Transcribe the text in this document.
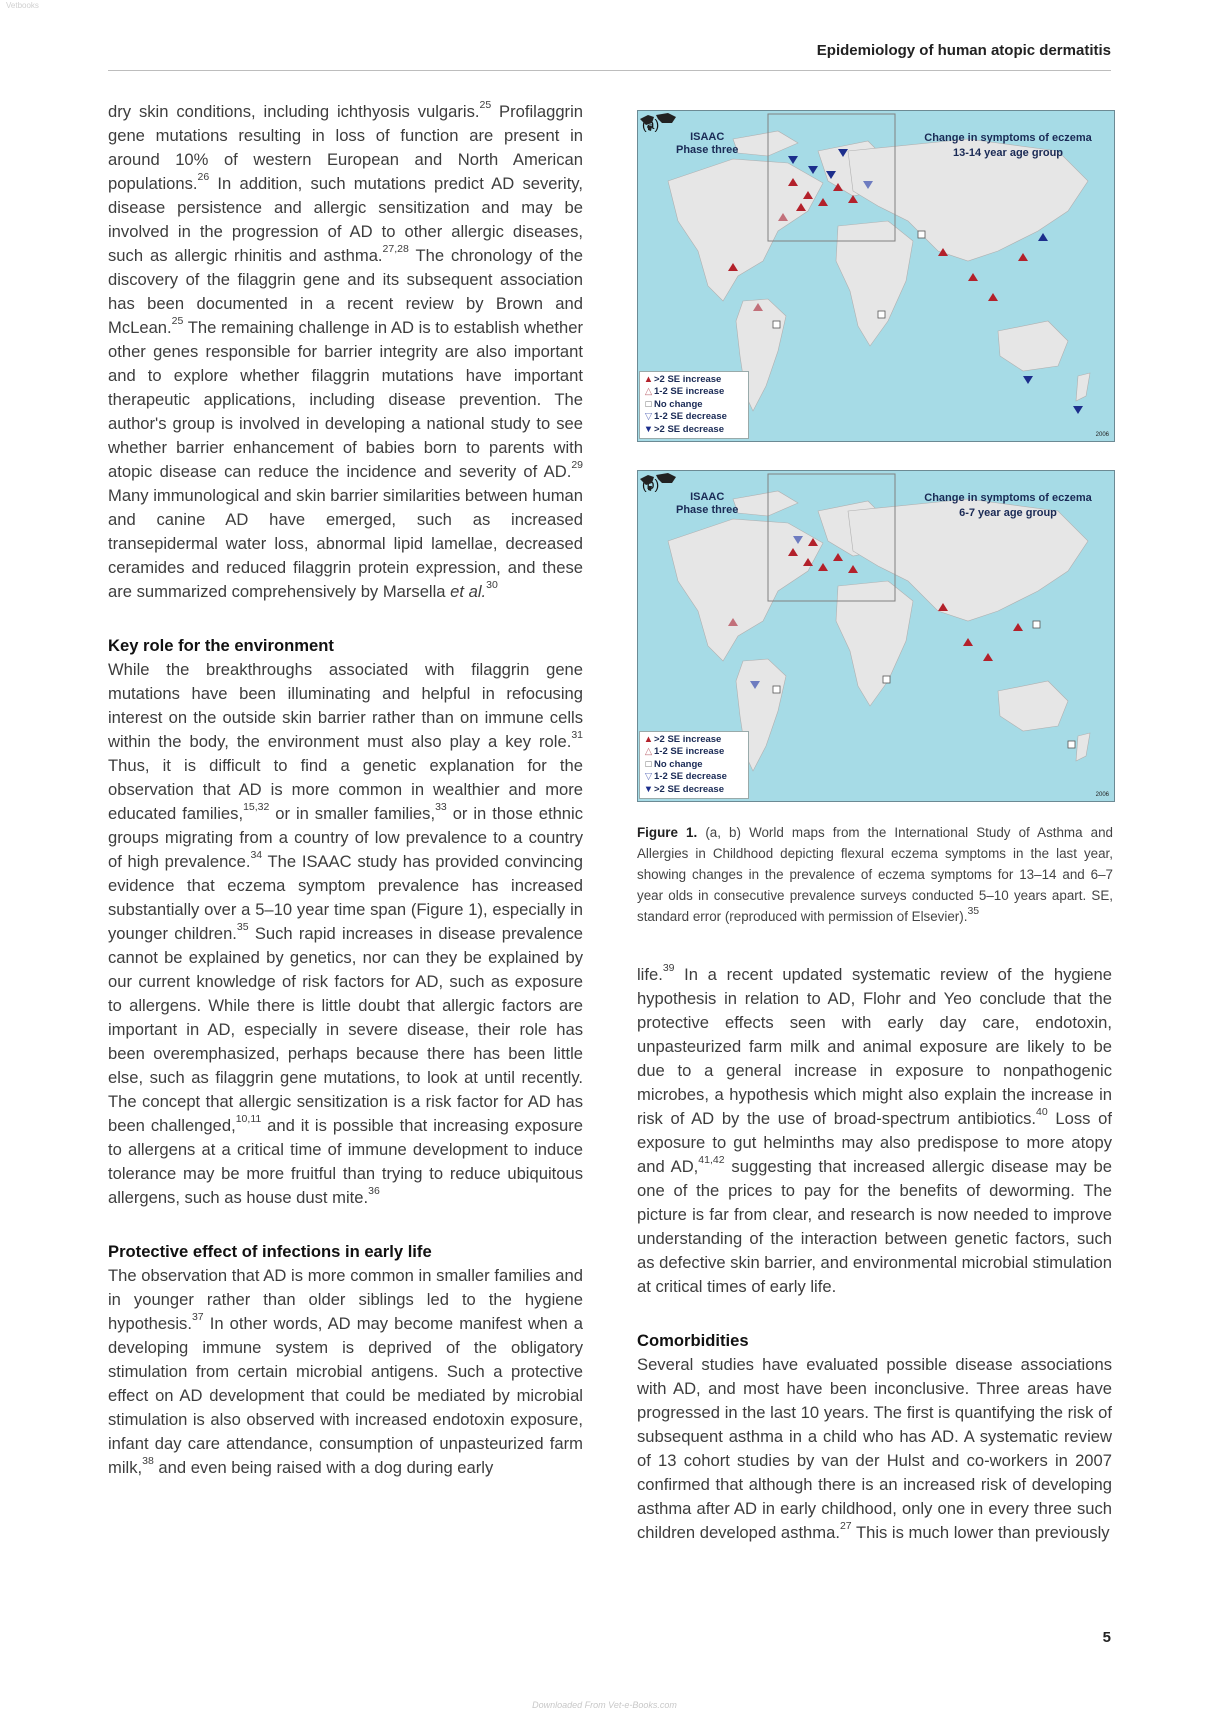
Vetbooks
Epidemiology of human atopic dermatitis

dry skin conditions, including ichthyosis vulgaris.$^{25}$ Profilaggrin gene mutations resulting in loss of function are present in around 10% of western European and North American populations.$^{26}$ In addition, such mutations predict AD severity, disease persistence and allergic sensitization and may be involved in the progression of AD to other allergic diseases, such as allergic rhinitis and asthma.$^{27,28}$ The chronology of the discovery of the filaggrin gene and its subsequent association has been documented in a recent review by Brown and McLean.$^{25}$ The remaining challenge in AD is to establish whether other genes responsible for barrier integrity are also important and to explore whether filaggrin mutations have important therapeutic applications, including disease prevention. The author's group is involved in developing a national study to see whether barrier enhancement of babies born to parents with atopic disease can reduce the incidence and severity of AD.$^{29}$ Many immunological and skin barrier similarities between human and canine AD have emerged, such as increased transepidermal water loss, abnormal lipid lamellae, decreased ceramides and reduced filaggrin protein expression, and these are summarized comprehensively by Marsella et al.$^{30}$

Key role for the environment

While the breakthroughs associated with filaggrin gene mutations have been illuminating and helpful in refocusing interest on the outside skin barrier rather than on immune cells within the body, the environment must also play a key role.$^{31}$ Thus, it is difficult to find a genetic explanation for the observation that AD is more common in wealthier and more educated families,$^{15,32}$ or in smaller families,$^{33}$ or in those ethnic groups migrating from a country of low prevalence to a country of high prevalence.$^{34}$ The ISAAC study has provided convincing evidence that eczema symptom prevalence has increased substantially over a 5–10 year time span (Figure 1), especially in younger children.$^{35}$ Such rapid increases in disease prevalence cannot be explained by genetics, nor can they be explained by our current knowledge of risk factors for AD, such as exposure to allergens. While there is little doubt that allergic factors are important in AD, especially in severe disease, their role has been overemphasized, perhaps because there has been little else, such as filaggrin gene mutations, to look at until recently. The concept that allergic sensitization is a risk factor for AD has been challenged,$^{10,11}$ and it is possible that increasing exposure to allergens at a critical time of immune development to induce tolerance may be more fruitful than trying to reduce ubiquitous allergens, such as house dust mite.$^{36}$

Protective effect of infections in early life

The observation that AD is more common in smaller families and in younger rather than older siblings led to the hygiene hypothesis.$^{37}$ In other words, AD may become manifest when a developing immune system is deprived of the obligatory stimulation from certain microbial antigens. Such a protective effect on AD development that could be mediated by microbial stimulation is also observed with increased endotoxin exposure, infant day care attendance, consumption of unpasteurized farm milk,$^{38}$ and even being raised with a dog during early

(a)
ISAAC
Phase three
Change in symptoms of eczema
13-14 year age group
▲>2 SE increase
△ 1-2 SE increase
□ No change
▽ 1-2 SE decrease
▼>2 SE decrease
2006
(b)
ISAAC
Phase three
Change in symptoms of eczema
6-7 year age group
▲>2 SE increase
△ 1-2 SE increase
□ No change
▽ 1-2 SE decrease
▼>2 SE decrease
2006
Figure 1. (a, b) World maps from the International Study of Asthma and Allergies in Childhood depicting flexural eczema symptoms in the last year, showing changes in the prevalence of eczema symptoms for 13–14 and 6–7 year olds in consecutive prevalence surveys conducted 5–10 years apart. SE, standard error (reproduced with permission of Elsevier).$^{35}$

life.$^{39}$ In a recent updated systematic review of the hygiene hypothesis in relation to AD, Flohr and Yeo conclude that the protective effects seen with early day care, endotoxin, unpasteurized farm milk and animal exposure are likely to be due to a general increase in exposure to nonpathogenic microbes, a hypothesis which might also explain the increase in risk of AD by the use of broad-spectrum antibiotics.$^{40}$ Loss of exposure to gut helminths may also predispose to more atopy and AD,$^{41,42}$ suggesting that increased allergic disease may be one of the prices to pay for the benefits of deworming. The picture is far from clear, and research is now needed to improve understanding of the interaction between genetic factors, such as defective skin barrier, and environmental microbial stimulation at critical times of early life.

Comorbidities

Several studies have evaluated possible disease associations with AD, and most have been inconclusive. Three areas have progressed in the last 10 years. The first is quantifying the risk of subsequent asthma in a child who has AD. A systematic review of 13 cohort studies by van der Hulst and co-workers in 2007 confirmed that although there is an increased risk of developing asthma after AD in early childhood, only one in every three such children developed asthma.$^{27}$ This is much lower than previously

5
Downloaded From Vet-e-Books.com
